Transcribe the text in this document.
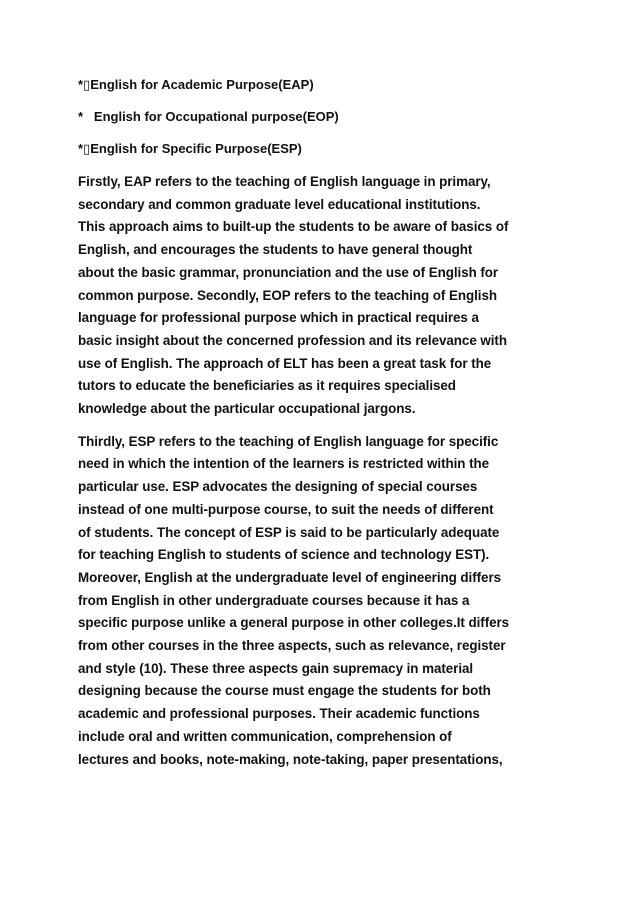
*▯English for Academic Purpose(EAP)
*   English for Occupational purpose(EOP)
*▯English for Specific Purpose(ESP)

Firstly, EAP refers to the teaching of English language in primary,
secondary and common graduate level educational institutions.
This approach aims to built-up the students to be aware of basics of
English, and encourages the students to have general thought
about the basic grammar, pronunciation and the use of English for
common purpose. Secondly, EOP refers to the teaching of English
language for professional purpose which in practical requires a
basic insight about the concerned profession and its relevance with
use of English. The approach of ELT has been a great task for the
tutors to educate the beneficiaries as it requires specialised
knowledge about the particular occupational jargons.

Thirdly, ESP refers to the teaching of English language for specific
need in which the intention of the learners is restricted within the
particular use. ESP advocates the designing of special courses
instead of one multi-purpose course, to suit the needs of different
of students. The concept of ESP is said to be particularly adequate
for teaching English to students of science and technology EST).
Moreover, English at the undergraduate level of engineering differs
from English in other undergraduate courses because it has a
specific purpose unlike a general purpose in other colleges.It differs
from other courses in the three aspects, such as relevance, register
and style (10). These three aspects gain supremacy in material
designing because the course must engage the students for both
academic and professional purposes. Their academic functions
include oral and written communication, comprehension of
lectures and books, note-making, note-taking, paper presentations,
